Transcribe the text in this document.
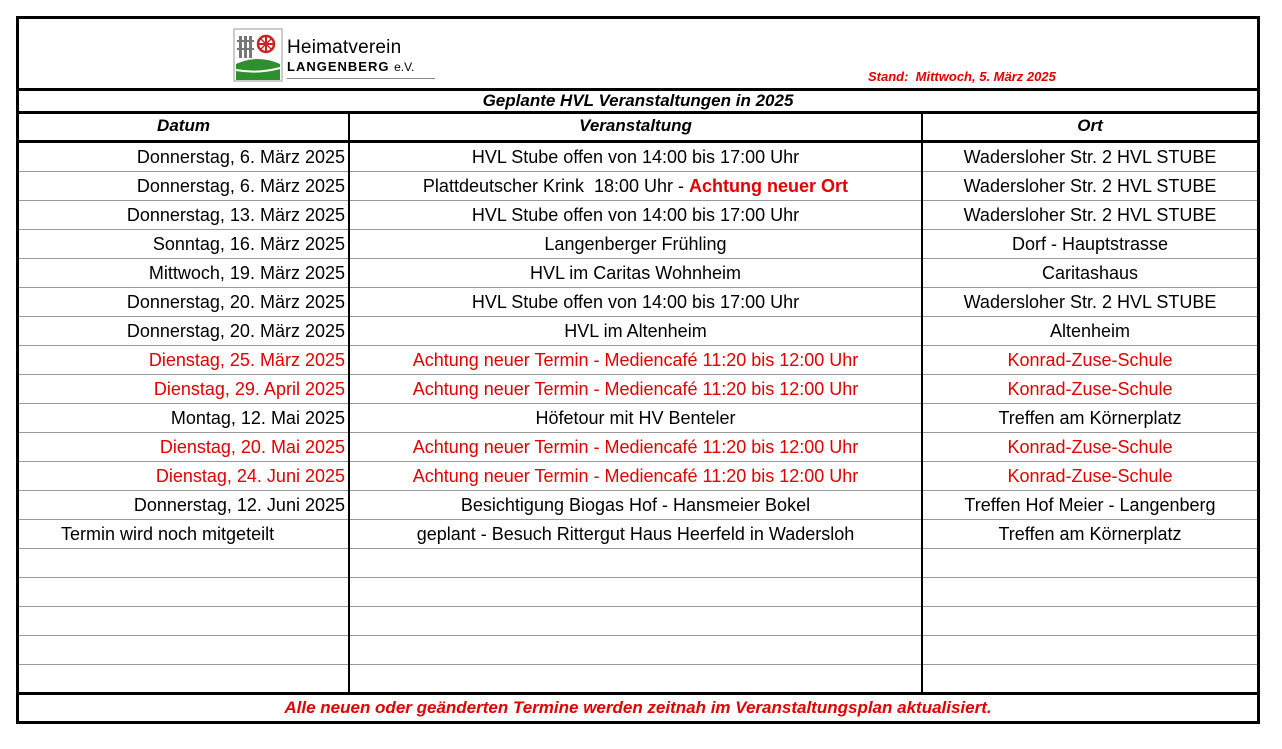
Heimatverein
LANGENBERG e.V.
Stand:  Mittwoch, 5. März 2025
Geplante HVL Veranstaltungen in 2025
Datum	Veranstaltung	Ort
Donnerstag, 6. März 2025	HVL Stube offen von 14:00 bis 17:00 Uhr	Wadersloher Str. 2 HVL STUBE
Donnerstag, 6. März 2025	Plattdeutscher Krink  18:00 Uhr - Achtung neuer Ort	Wadersloher Str. 2 HVL STUBE
Donnerstag, 13. März 2025	HVL Stube offen von 14:00 bis 17:00 Uhr	Wadersloher Str. 2 HVL STUBE
Sonntag, 16. März 2025	Langenberger Frühling	Dorf - Hauptstrasse
Mittwoch, 19. März 2025	HVL im Caritas Wohnheim	Caritashaus
Donnerstag, 20. März 2025	HVL Stube offen von 14:00 bis 17:00 Uhr	Wadersloher Str. 2 HVL STUBE
Donnerstag, 20. März 2025	HVL im Altenheim	Altenheim
Dienstag, 25. März 2025	Achtung neuer Termin - Mediencafé 11:20 bis 12:00 Uhr	Konrad-Zuse-Schule
Dienstag, 29. April 2025	Achtung neuer Termin - Mediencafé 11:20 bis 12:00 Uhr	Konrad-Zuse-Schule
Montag, 12. Mai 2025	Höfetour mit HV Benteler	Treffen am Körnerplatz
Dienstag, 20. Mai 2025	Achtung neuer Termin - Mediencafé 11:20 bis 12:00 Uhr	Konrad-Zuse-Schule
Dienstag, 24. Juni 2025	Achtung neuer Termin - Mediencafé 11:20 bis 12:00 Uhr	Konrad-Zuse-Schule
Donnerstag, 12. Juni 2025	Besichtigung Biogas Hof - Hansmeier Bokel	Treffen Hof Meier - Langenberg
Termin wird noch mitgeteilt	geplant - Besuch Rittergut Haus Heerfeld in Wadersloh	Treffen am Körnerplatz
Alle neuen oder geänderten Termine werden zeitnah im Veranstaltungsplan aktualisiert.
